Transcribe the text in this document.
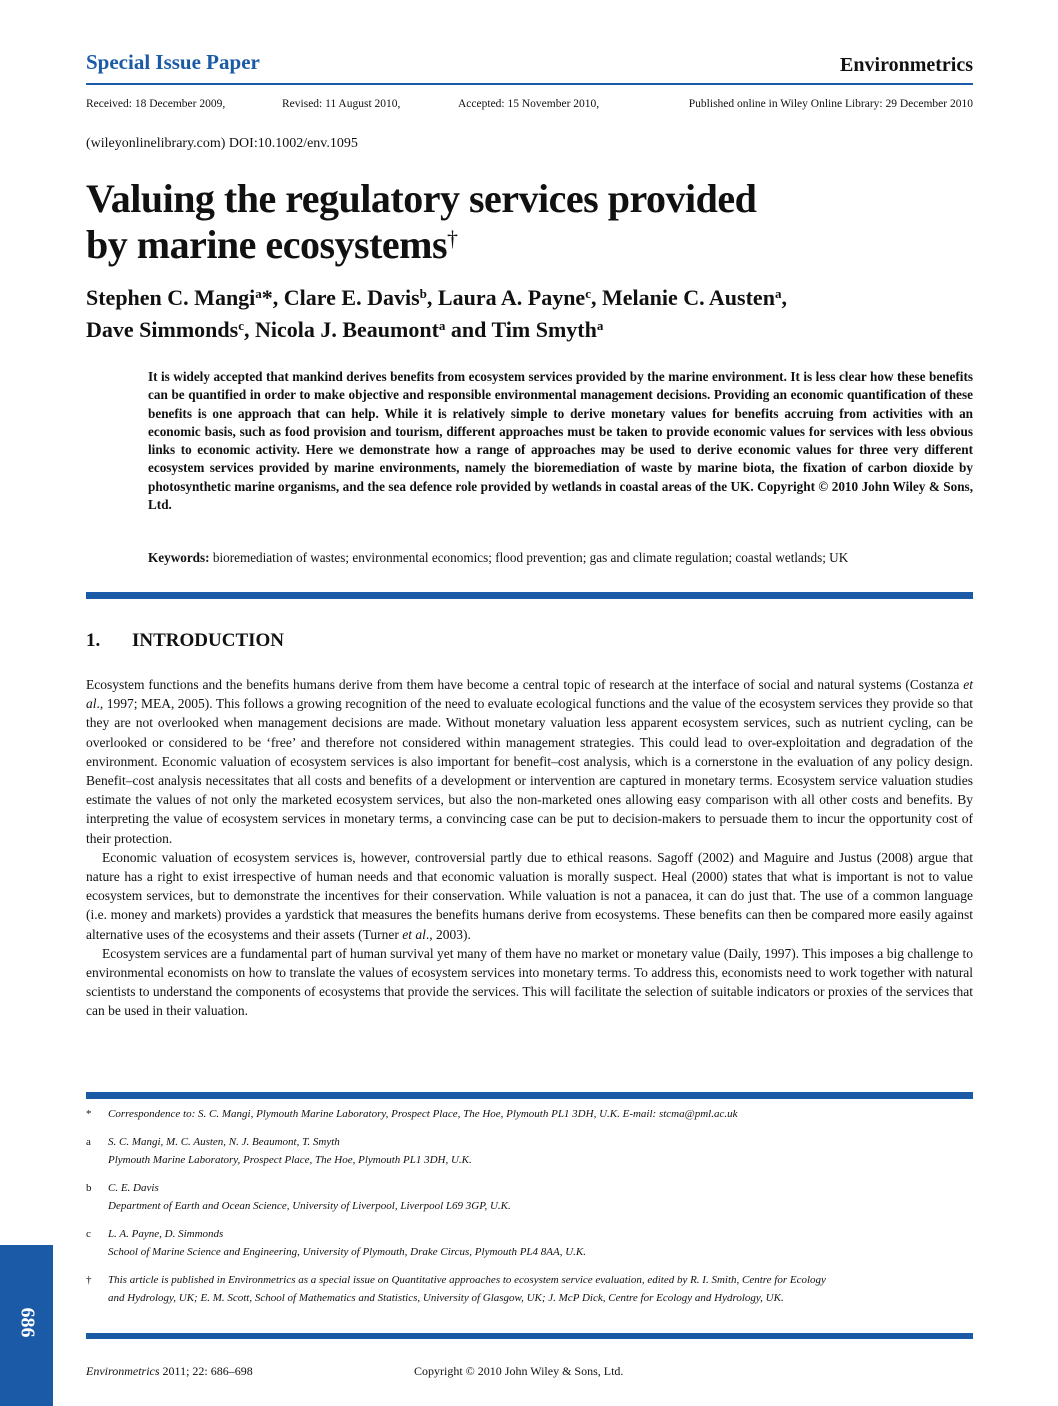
Special Issue Paper	Environmetrics
Received: 18 December 2009,	Revised: 11 August 2010,	Accepted: 15 November 2010,	Published online in Wiley Online Library: 29 December 2010
(wileyonlinelibrary.com) DOI:10.1002/env.1095
Valuing the regulatory services provided
by marine ecosystems†
Stephen C. Mangi$^a$*, Clare E. Davis$^b$, Laura A. Payne$^c$, Melanie C. Austen$^a$,
Dave Simmonds$^c$, Nicola J. Beaumont$^a$ and Tim Smyth$^a$
It is widely accepted that mankind derives benefits from ecosystem services provided by the marine environment. It is less clear how these benefits can be quantified in order to make objective and responsible environmental management decisions. Providing an economic quantification of these benefits is one approach that can help. While it is relatively simple to derive monetary values for benefits accruing from activities with an economic basis, such as food provision and tourism, different approaches must be taken to provide economic values for services with less obvious links to economic activity. Here we demonstrate how a range of approaches may be used to derive economic values for three very different ecosystem services provided by marine environments, namely the bioremediation of waste by marine biota, the fixation of carbon dioxide by photosynthetic marine organisms, and the sea defence role provided by wetlands in coastal areas of the UK. Copyright © 2010 John Wiley & Sons, Ltd.
Keywords: bioremediation of wastes; environmental economics; flood prevention; gas and climate regulation; coastal wetlands; UK
1. INTRODUCTION

Ecosystem functions and the benefits humans derive from them have become a central topic of research at the interface of social and natural systems (Costanza et al., 1997; MEA, 2005). This follows a growing recognition of the need to evaluate ecological functions and the value of the ecosystem services they provide so that they are not overlooked when management decisions are made. Without monetary valuation less apparent ecosystem services, such as nutrient cycling, can be overlooked or considered to be ‘free’ and therefore not considered within management strategies. This could lead to over-exploitation and degradation of the environment. Economic valuation of ecosystem services is also important for benefit–cost analysis, which is a cornerstone in the evaluation of any policy design. Benefit–cost analysis necessitates that all costs and benefits of a development or intervention are captured in monetary terms. Ecosystem service valuation studies estimate the values of not only the marketed ecosystem services, but also the non-marketed ones allowing easy comparison with all other costs and benefits. By interpreting the value of ecosystem services in monetary terms, a convincing case can be put to decision-makers to persuade them to incur the opportunity cost of their protection.

Economic valuation of ecosystem services is, however, controversial partly due to ethical reasons. Sagoff (2002) and Maguire and Justus (2008) argue that nature has a right to exist irrespective of human needs and that economic valuation is morally suspect. Heal (2000) states that what is important is not to value ecosystem services, but to demonstrate the incentives for their conservation. While valuation is not a panacea, it can do just that. The use of a common language (i.e. money and markets) provides a yardstick that measures the benefits humans derive from ecosystems. These benefits can then be compared more easily against alternative uses of the ecosystems and their assets (Turner et al., 2003).

Ecosystem services are a fundamental part of human survival yet many of them have no market or monetary value (Daily, 1997). This imposes a big challenge to environmental economists on how to translate the values of ecosystem services into monetary terms. To address this, economists need to work together with natural scientists to understand the components of ecosystems that provide the services. This will facilitate the selection of suitable indicators or proxies of the services that can be used in their valuation.

*	Correspondence to: S. C. Mangi, Plymouth Marine Laboratory, Prospect Place, The Hoe, Plymouth PL1 3DH, U.K. E-mail: stcma@pml.ac.uk
a	S. C. Mangi, M. C. Austen, N. J. Beaumont, T. Smyth
Plymouth Marine Laboratory, Prospect Place, The Hoe, Plymouth PL1 3DH, U.K.
b	C. E. Davis
Department of Earth and Ocean Science, University of Liverpool, Liverpool L69 3GP, U.K.
c	L. A. Payne, D. Simmonds
School of Marine Science and Engineering, University of Plymouth, Drake Circus, Plymouth PL4 8AA, U.K.
†	This article is published in Environmetrics as a special issue on Quantitative approaches to ecosystem service evaluation, edited by R. I. Smith, Centre for Ecology
and Hydrology, UK; E. M. Scott, School of Mathematics and Statistics, University of Glasgow, UK; J. McP Dick, Centre for Ecology and Hydrology, UK.
686
Environmetrics 2011; 22: 686–698	Copyright © 2010 John Wiley & Sons, Ltd.
